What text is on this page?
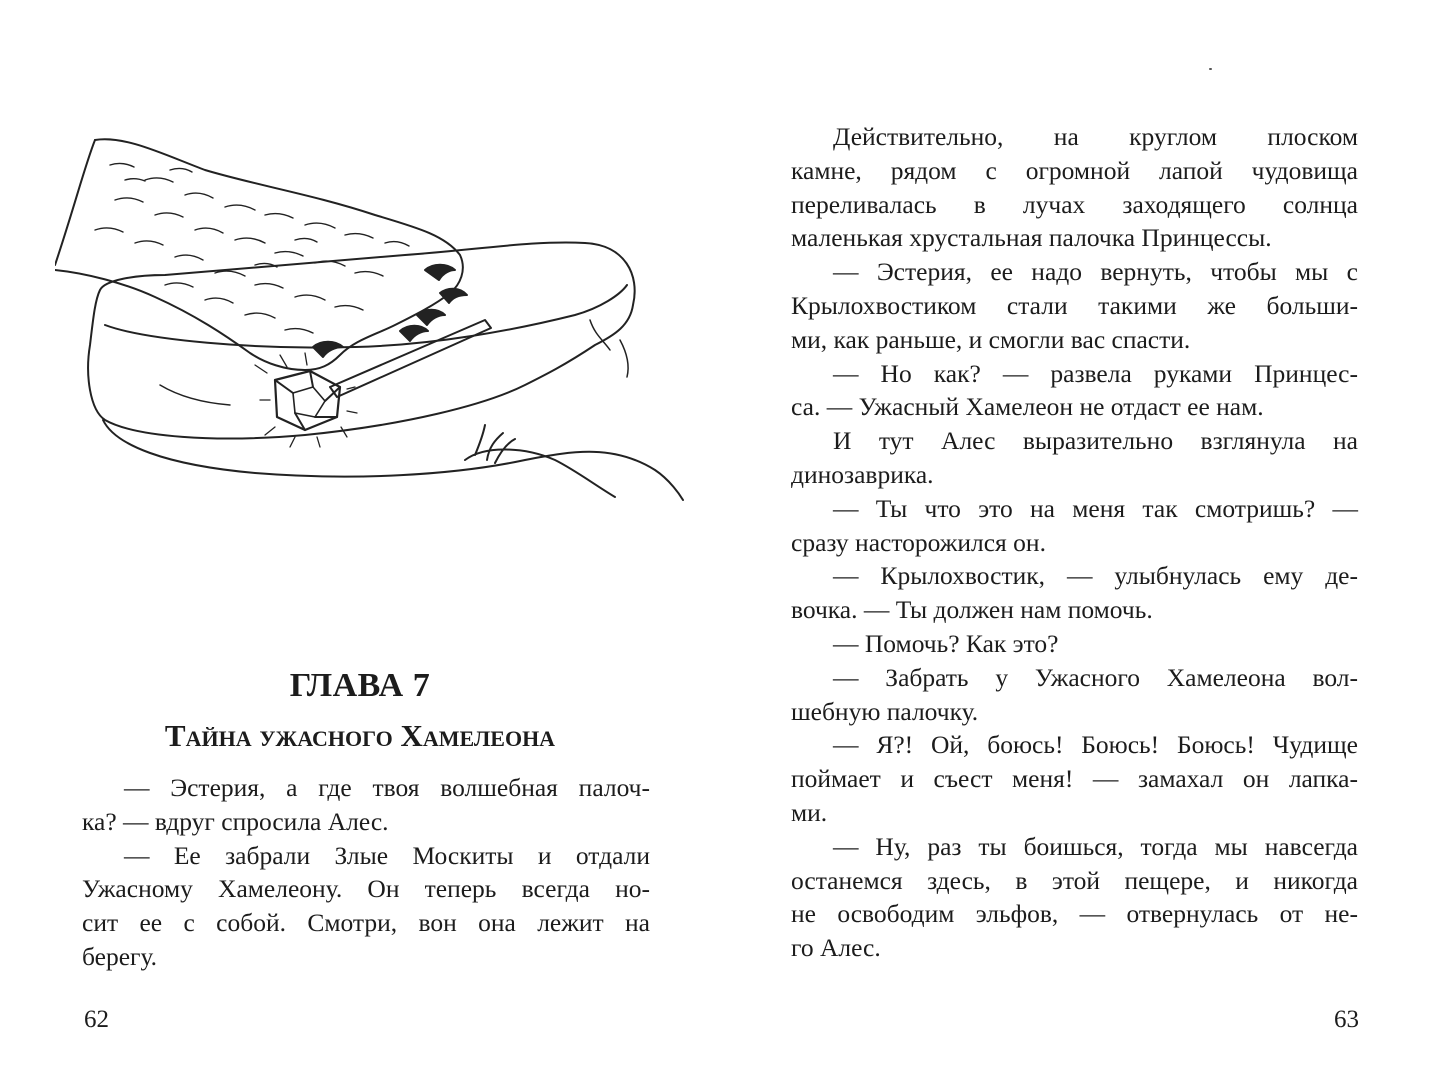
ГЛАВА 7
Тайна ужасного Хамелеона
— Эстерия, а где твоя волшебная палоч-
ка? — вдруг спросила Алес.
— Ее забрали Злые Москиты и отдали
Ужасному Хамелеону. Он теперь всегда но-
сит ее с собой. Смотри, вон она лежит на
берегу.
62
Действительно, на круглом плоском
камне, рядом с огромной лапой чудовища
переливалась в лучах заходящего солнца
маленькая хрустальная палочка Принцессы.
— Эстерия, ее надо вернуть, чтобы мы с
Крылохвостиком стали такими же больши-
ми, как раньше, и смогли вас спасти.
— Но как? — развела руками Принцес-
са. — Ужасный Хамелеон не отдаст ее нам.
И тут Алес выразительно взглянула на
динозаврика.
— Ты что это на меня так смотришь? —
сразу насторожился он.
— Крылохвостик, — улыбнулась ему де-
вочка. — Ты должен нам помочь.
— Помочь? Как это?
— Забрать у Ужасного Хамелеона вол-
шебную палочку.
— Я?! Ой, боюсь! Боюсь! Боюсь! Чудище
поймает и съест меня! — замахал он лапка-
ми.
— Ну, раз ты боишься, тогда мы навсегда
останемся здесь, в этой пещере, и никогда
не освободим эльфов, — отвернулась от не-
го Алес.
63
